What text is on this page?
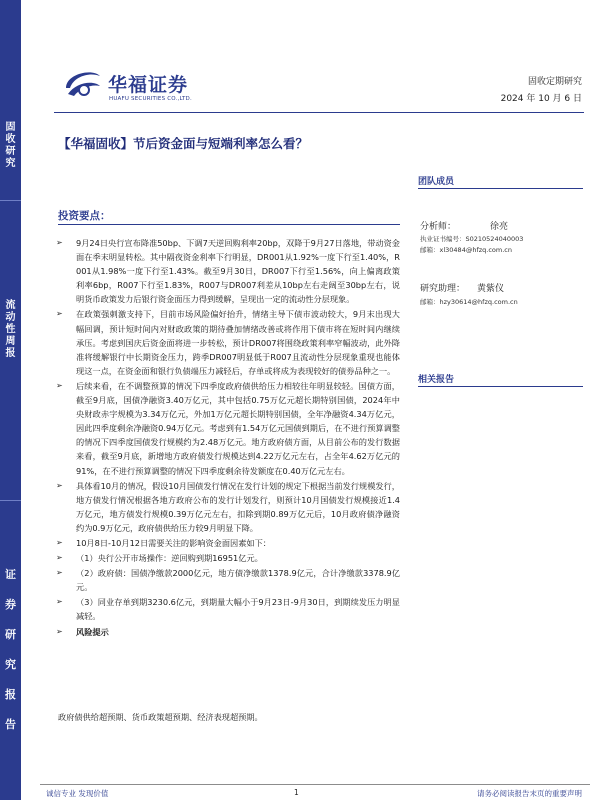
固
收
研
究
流
动
性
周
报
证
券
研
究
报
告
华福证券
HUAFU SECURITIES CO.,LTD.
固收定期研究
2024 年 10 月 6 日
【华福固收】节后资金面与短端利率怎么看？
团队成员
分析师：	徐亮
执业证书编号：S0210524040003
邮箱：xl30484@hfzq.com.cn
研究助理： 黄紫仪
邮箱：hzy30614@hfzq.com.cn
相关报告
投资要点：
➢ 9月24日央行宣布降准50bp、下调7天逆回购利率20bp，双降于9月27日落地，带动资金面在季末明显转松。其中隔夜资金利率下行明显，DR001从1.92%一度下行至1.40%，R001从1.98%一度下行至1.43%。截至9月30日，DR007下行至1.56%，向上偏离政策利率6bp，R007下行至1.83%，R007与DR007利差从10bp左右走阔至30bp左右，说明货币政策发力后银行资金面压力得到缓解，呈现出一定的流动性分层现象。
➢ 在政策强刺激支持下，目前市场风险偏好抬升，情绪主导下债市波动较大，9月末出现大幅回调，预计短时间内对财政政策的期待叠加情绪改善或将作用下债市将在短时间内继续承压。考虑到国庆后资金面将进一步转松，预计DR007将围绕政策利率窄幅波动，此外降准将缓解银行中长期资金压力，跨季DR007明显低于R007且流动性分层现象重现也能体现这一点，在资金面和银行负债端压力减轻后，存单或将成为表现较好的债券品种之一。
➢ 后续来看，在不调整预算的情况下四季度政府债供给压力相较往年明显较轻。国债方面，截至9月底，国债净融资3.40万亿元，其中包括0.75万亿元超长期特别国债，2024年中央财政赤字规模为3.34万亿元，外加1万亿元超长期特别国债，全年净融资4.34万亿元，因此四季度剩余净融资0.94万亿元。考虑到有1.54万亿元国债到期后，在不进行预算调整的情况下四季度国债发行规模约为2.48万亿元。地方政府债方面，从目前公布的发行数据来看，截至9月底，新增地方政府债发行规模达到4.22万亿元左右，占全年4.62万亿元的91%，在不进行预算调整的情况下四季度剩余待发额度在0.40万亿元左右。
➢ 具体看10月的情况，假设10月国债发行情况在发行计划的规定下根据当前发行规模发行，地方债发行情况根据各地方政府公布的发行计划发行，则预计10月国债发行规模接近1.4万亿元，地方债发行规模0.39万亿元左右，扣除到期0.89万亿元后，10月政府债净融资约为0.9万亿元，政府债供给压力较9月明显下降。
➢ 10月8日-10月12日需要关注的影响资金面因素如下：
➢ （1）央行公开市场操作：逆回购到期16951亿元。
➢ （2）政府债：国债净缴款2000亿元，地方债净缴款1378.9亿元，合计净缴款3378.9亿元。
➢ （3）同业存单到期3230.6亿元，到期量大幅小于9月23日-9月30日，到期续发压力明显减轻。
➢ 风险提示
政府债供给超预期、货币政策超预期、经济表现超预期。
诚信专业 发现价值	1	请务必阅读报告末页的重要声明
